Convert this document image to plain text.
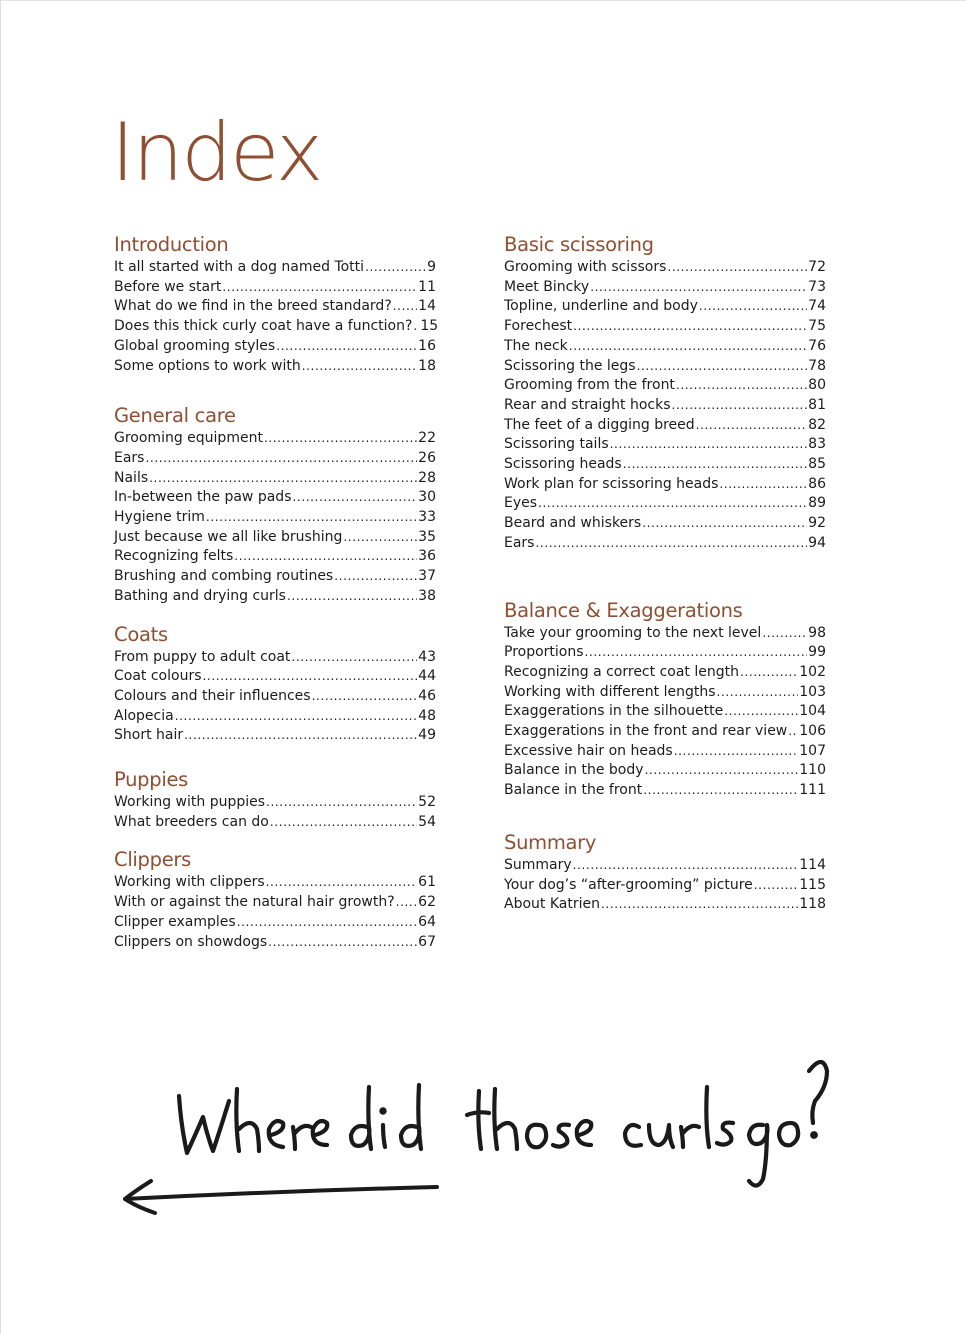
Index
Introduction
It all started with a dog named Totti .....	9
Before we start .....	11
What do we find in the breed standard? ..... 14
Does this thick curly coat have a function? ..... 15
Global grooming styles .....	16
Some options to work with .....	18
General care
Grooming equipment .....	22
Ears .....	26
Nails .....	28
In-between the paw pads .....	30
Hygiene trim .....	33
Just because we all like brushing .....	35
Recognizing felts .....	36
Brushing and combing routines .....	37
Bathing and drying curls .....	38
Coats
From puppy to adult coat .....	43
Coat colours .....	44
Colours and their influences .....	46
Alopecia .....	48
Short hair .....	49
Puppies
Working with puppies .....	52
What breeders can do .....	54
Clippers
Working with clippers .....	61
With or against the natural hair growth? ..... 62
Clipper examples .....	64
Clippers on showdogs .....	67
Basic scissoring
Grooming with scissors .....	72
Meet Bincky .....	73
Topline, underline and body .....	74
Forechest .....	75
The neck .....	76
Scissoring the legs .....	78
Grooming from the front .....	80
Rear and straight hocks .....	81
The feet of a digging breed .....	82
Scissoring tails .....	83
Scissoring heads .....	85
Work plan for scissoring heads .....	86
Eyes .....	89
Beard and whiskers .....	92
Ears .....	94
Balance & Exaggerations
Take your grooming to the next level .....	98
Proportions .....	99
Recognizing a correct coat length .....	102
Working with different lengths .....	103
Exaggerations in the silhouette .....	104
Exaggerations in the front and rear view ..... 106
Excessive hair on heads .....	107
Balance in the body .....	110
Balance in the front .....	111
Summary
Summary .....	114
Your dog’s “after-grooming” picture .....	115
About Katrien .....	118
